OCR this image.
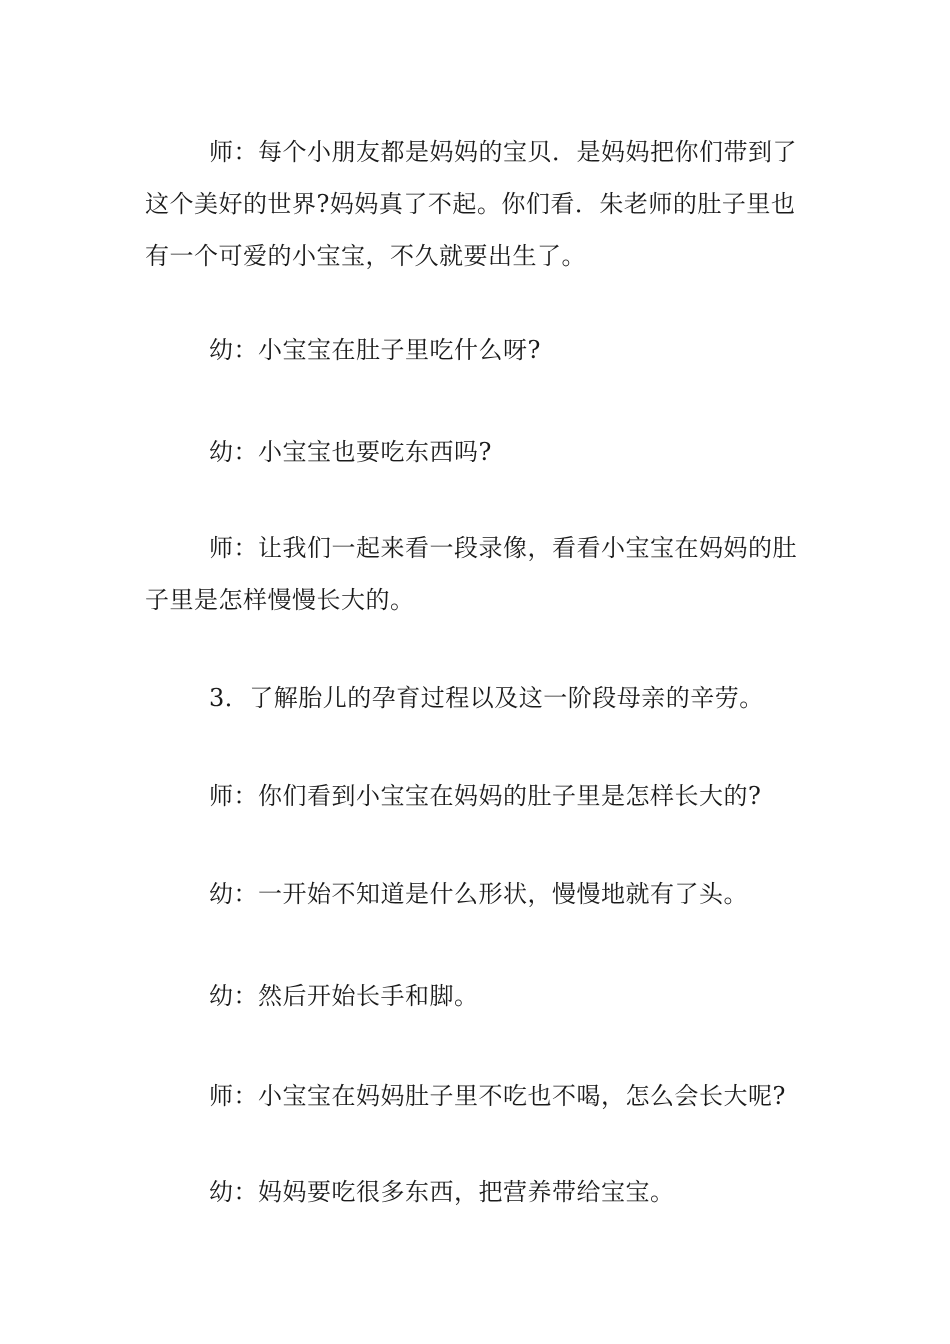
师：每个小朋友都是妈妈的宝贝．是妈妈把你们带到了这个美好的世界?妈妈真了不起。你们看．朱老师的肚子里也有一个可爱的小宝宝，不久就要出生了。

幼：小宝宝在肚子里吃什么呀?

幼：小宝宝也要吃东西吗?

师：让我们一起来看一段录像，看看小宝宝在妈妈的肚子里是怎样慢慢长大的。

3．了解胎儿的孕育过程以及这一阶段母亲的辛劳。

师：你们看到小宝宝在妈妈的肚子里是怎样长大的?

幼：一开始不知道是什么形状，慢慢地就有了头。

幼：然后开始长手和脚。

师：小宝宝在妈妈肚子里不吃也不喝，怎么会长大呢?

幼：妈妈要吃很多东西，把营养带给宝宝。
